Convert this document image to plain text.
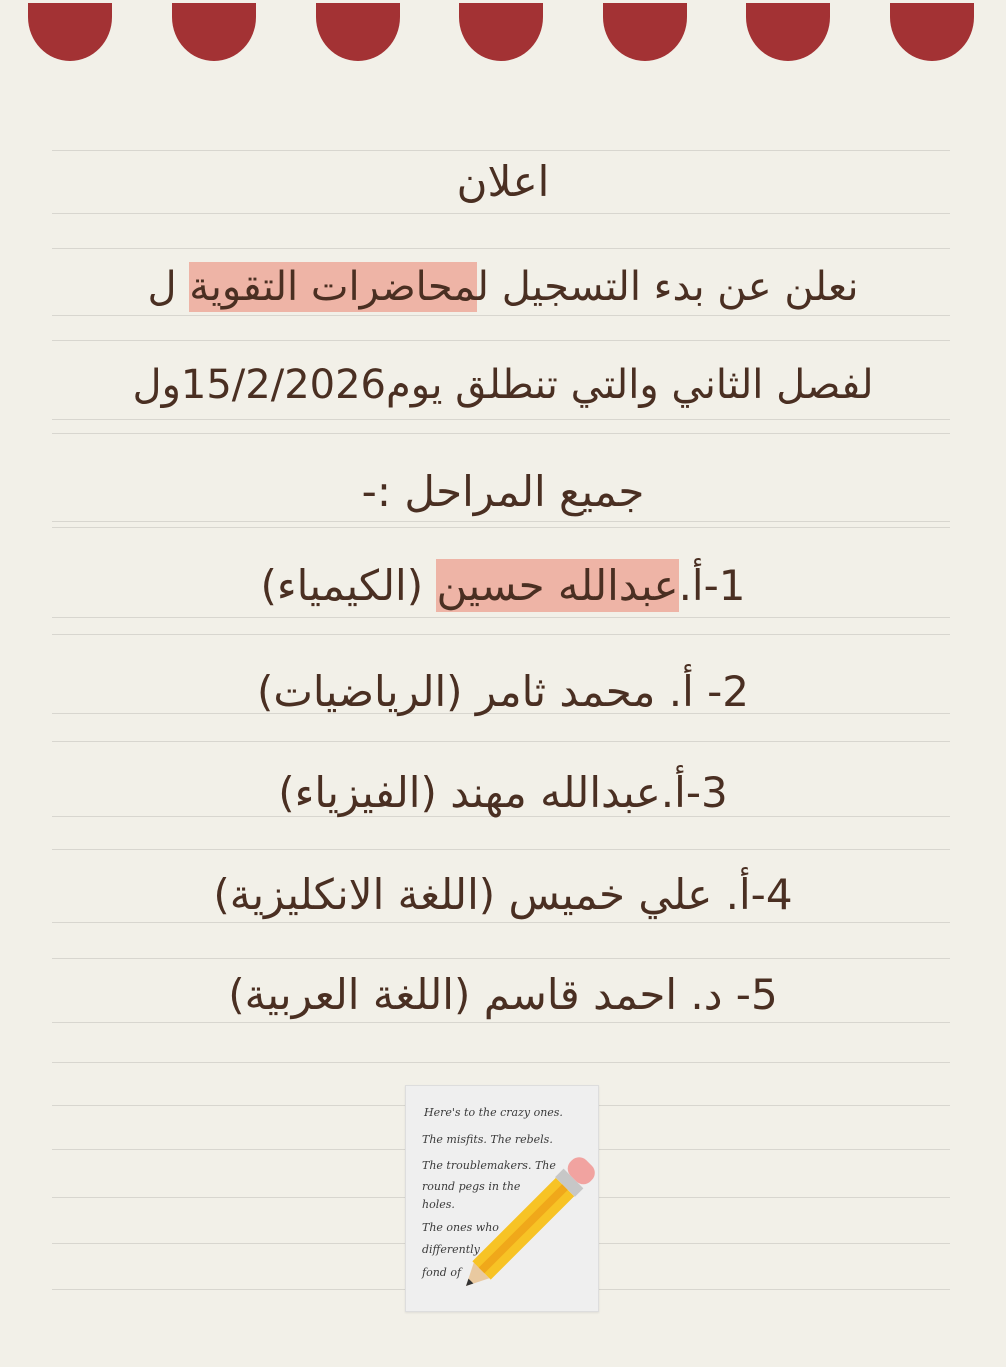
اعلان
نعلن عن بدء التسجيل لمحاضرات التقوية ل
لفصل الثاني والتي تنطلق يوم15/2/2026ول
جميع المراحل :-
1-أ.عبدالله حسين (الكيمياء)
2- أ. محمد ثامر (الرياضيات)
3-أ.عبدالله مهند (الفيزياء)
4-أ. علي خميس (اللغة الانكليزية)
5- د. احمد قاسم (اللغة العربية)
Here's to the crazy ones.
The misfits. The rebels.
The troublemakers. The
round pegs in the
holes.
The ones who
differently
fond of
